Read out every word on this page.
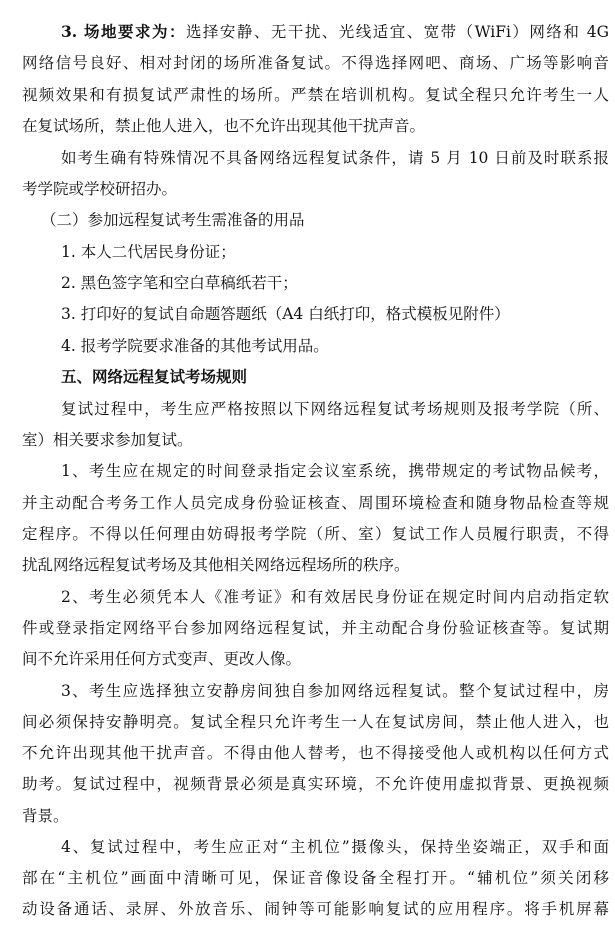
3. 场地要求为：选择安静、无干扰、光线适宜、宽带（WiFi）网络和 4G
网络信号良好、相对封闭的场所准备复试。不得选择网吧、商场、广场等影响音
视频效果和有损复试严肃性的场所。严禁在培训机构。复试全程只允许考生一人
在复试场所，禁止他人进入，也不允许出现其他干扰声音。
如考生确有特殊情况不具备网络远程复试条件，请 5 月 10 日前及时联系报
考学院或学校研招办。
（二）参加远程复试考生需准备的用品
1. 本人二代居民身份证；
2. 黑色签字笔和空白草稿纸若干；
3. 打印好的复试自命题答题纸（A4 白纸打印，格式模板见附件）
4. 报考学院要求准备的其他考试用品。
五、网络远程复试考场规则
复试过程中，考生应严格按照以下网络远程复试考场规则及报考学院（所、
室）相关要求参加复试。
1、考生应在规定的时间登录指定会议室系统，携带规定的考试物品候考，
并主动配合考务工作人员完成身份验证核查、周围环境检查和随身物品检查等规
定程序。不得以任何理由妨碍报考学院（所、室）复试工作人员履行职责，不得
扰乱网络远程复试考场及其他相关网络远程场所的秩序。
2、考生必须凭本人《准考证》和有效居民身份证在规定时间内启动指定软
件或登录指定网络平台参加网络远程复试，并主动配合身份验证核查等。复试期
间不允许采用任何方式变声、更改人像。
3、考生应选择独立安静房间独自参加网络远程复试。整个复试过程中，房
间必须保持安静明亮。复试全程只允许考生一人在复试房间，禁止他人进入，也
不允许出现其他干扰声音。不得由他人替考，也不得接受他人或机构以任何方式
助考。复试过程中，视频背景必须是真实环境，不允许使用虚拟背景、更换视频
背景。
4、复试过程中，考生应正对“主机位”摄像头，保持坐姿端正，双手和面
部在“主机位”画面中清晰可见，保证音像设备全程打开。“辅机位”须关闭移
动设备通话、录屏、外放音乐、闹钟等可能影响复试的应用程序。将手机屏幕
